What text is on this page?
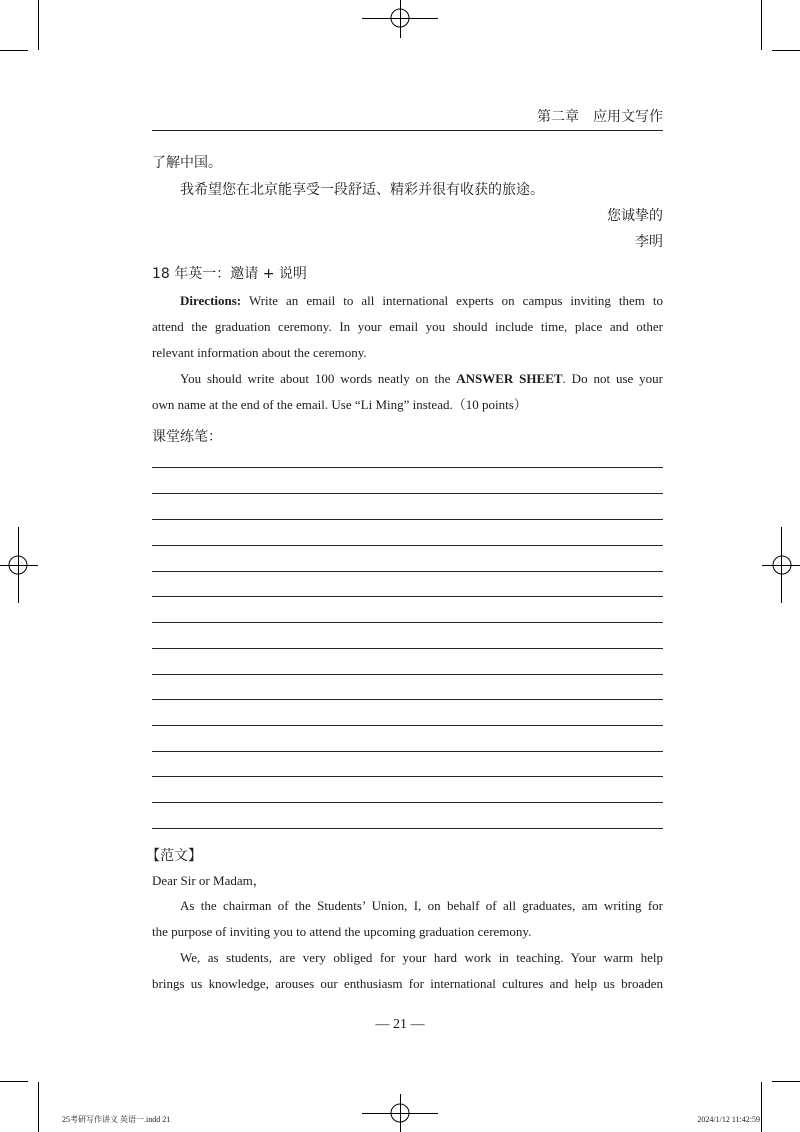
第二章　应用文写作
了解中国。
我希望您在北京能享受一段舒适、精彩并很有收获的旅途。
您诚挚的
李明
18 年英一：邀请 + 说明
Directions: Write an email to all international experts on campus inviting them to
attend the graduation ceremony. In your email you should include time, place and other
relevant information about the ceremony.
You should write about 100 words neatly on the ANSWER SHEET. Do not use your
own name at the end of the email. Use “Li Ming” instead.（10 points）
课堂练笔：
【范文】
Dear Sir or Madam，
As the chairman of the Students’ Union, I, on behalf of all graduates, am writing for
the purpose of inviting you to attend the upcoming graduation ceremony.
We, as students, are very obliged for your hard work in teaching. Your warm help
brings us knowledge, arouses our enthusiasm for international cultures and help us broaden
— 21 —
25考研写作讲义 英语一.indd 21	2024/1/12 11:42:59
